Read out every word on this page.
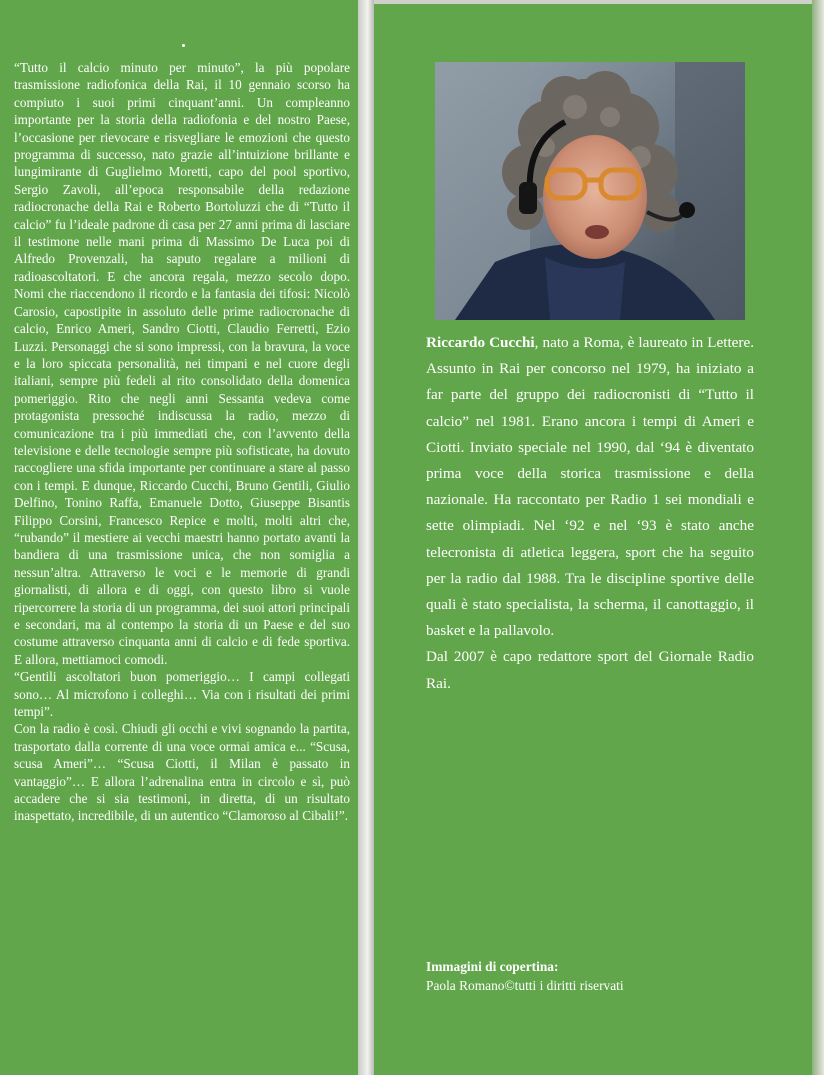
“Tutto il calcio minuto per minuto”, la più popolare trasmissione radiofonica della Rai, il 10 gennaio scorso ha compiuto i suoi primi cinquant’anni. Un compleanno importante per la storia della radiofonia e del nostro Paese, l’occasione per rievocare e risvegliare le emozioni che questo programma di successo, nato grazie all’intuizione brillante e lungimirante di Guglielmo Moretti, capo del pool sportivo, Sergio Zavoli, all’epoca responsabile della redazione radiocronache della Rai e Roberto Bortoluzzi che di “Tutto il calcio” fu l’ideale padrone di casa per 27 anni prima di lasciare il testimone nelle mani prima di Massimo De Luca poi di Alfredo Provenzali, ha saputo regalare a milioni di radioascoltatori. E che ancora regala, mezzo secolo dopo. Nomi che riaccendono il ricordo e la fantasia dei tifosi: Nicolò Carosio, capostipite in assoluto delle prime radiocronache di calcio, Enrico Ameri, Sandro Ciotti, Claudio Ferretti, Ezio Luzzi. Personaggi che si sono impressi, con la bravura, la voce e la loro spiccata personalità, nei timpani e nel cuore degli italiani, sempre più fedeli al rito consolidato della domenica pomeriggio. Rito che negli anni Sessanta vedeva come protagonista pressoché indiscussa la radio, mezzo di comunicazione tra i più immediati che, con l’avvento della televisione e delle tecnologie sempre più sofisticate, ha dovuto raccogliere una sfida importante per continuare a stare al passo con i tempi. E dunque, Riccardo Cucchi, Bruno Gentili, Giulio Delfino, Tonino Raffa, Emanuele Dotto, Giuseppe Bisantis Filippo Corsini, Francesco Repice e molti, molti altri che, “rubando” il mestiere ai vecchi maestri hanno portato avanti la bandiera di una trasmissione unica, che non somiglia a nessun’altra. Attraverso le voci e le memorie di grandi giornalisti, di allora e di oggi, con questo libro si vuole ripercorrere la storia di un programma, dei suoi attori principali e secondari, ma al contempo la storia di un Paese e del suo costume attraverso cinquanta anni di calcio e di fede sportiva. E allora, mettiamoci comodi.

“Gentili ascoltatori buon pomeriggio… I campi collegati sono… Al microfono i colleghi… Via con i risultati dei primi tempi”.

Con la radio è così. Chiudi gli occhi e vivi sognando la partita, trasportato dalla corrente di una voce ormai amica e... “Scusa, scusa Ameri”… “Scusa Ciotti, il Milan è passato in vantaggio”… E allora l’adrenalina entra in circolo e sì, può accadere che si sia testimoni, in diretta, di un risultato inaspettato, incredibile, di un autentico “Clamoroso al Cibali!”.

Riccardo Cucchi, nato a Roma, è laureato in Lettere. Assunto in Rai per concorso nel 1979, ha iniziato a far parte del gruppo dei radiocronisti di “Tutto il calcio” nel 1981. Erano ancora i tempi di Ameri e Ciotti. Inviato speciale nel 1990, dal ‘94 è diventato prima voce della storica trasmissione e della nazionale. Ha raccontato per Radio 1 sei mondiali e sette olimpiadi. Nel ‘92 e nel ‘93 è stato anche telecronista di atletica leggera, sport che ha seguito per la radio dal 1988. Tra le discipline sportive delle quali è stato specialista, la scherma, il canottaggio, il basket e la pallavolo.

Dal 2007 è capo redattore sport del Giornale Radio Rai.

Immagini di copertina:
Paola Romano©tutti i diritti riservati
